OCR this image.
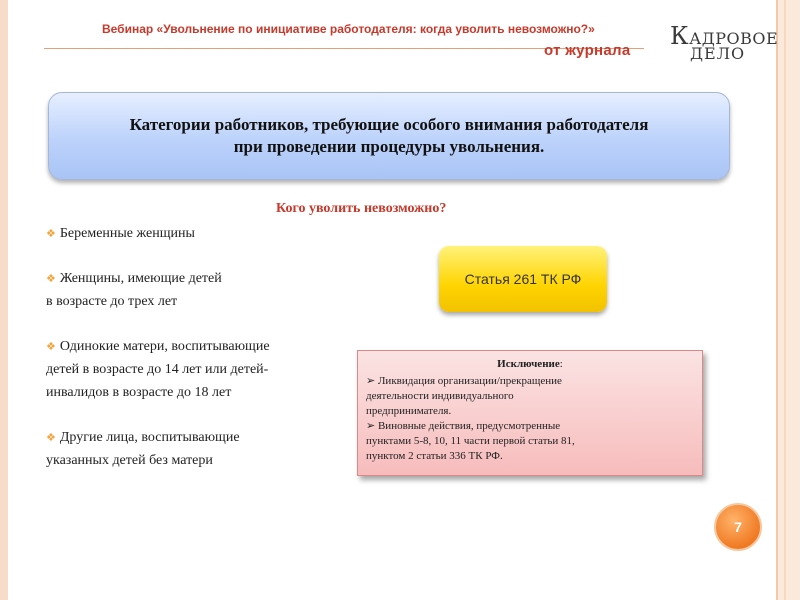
Вебинар «Увольнение по инициативе работодателя: когда уволить невозможно?»
от журнала
КАДРОВОЕ
ДЕЛО
Категории работников, требующие особого внимания работодателя
при проведении процедуры увольнения.
Кого уволить невозможно?
❖ Беременные женщины
❖ Женщины, имеющие детей
в возрасте до трех лет
❖ Одинокие матери, воспитывающие
детей в возрасте до 14 лет или детей-
инвалидов в возрасте до 18 лет
❖ Другие лица, воспитывающие
указанных детей без матери
Статья 261 ТК РФ
Исключение:
➢ Ликвидация организации/прекращение
деятельности индивидуального
предпринимателя.
➢ Виновные действия, предусмотренные
пунктами 5-8, 10, 11 части первой статьи 81,
пунктом 2 статьи 336 ТК РФ.
7
